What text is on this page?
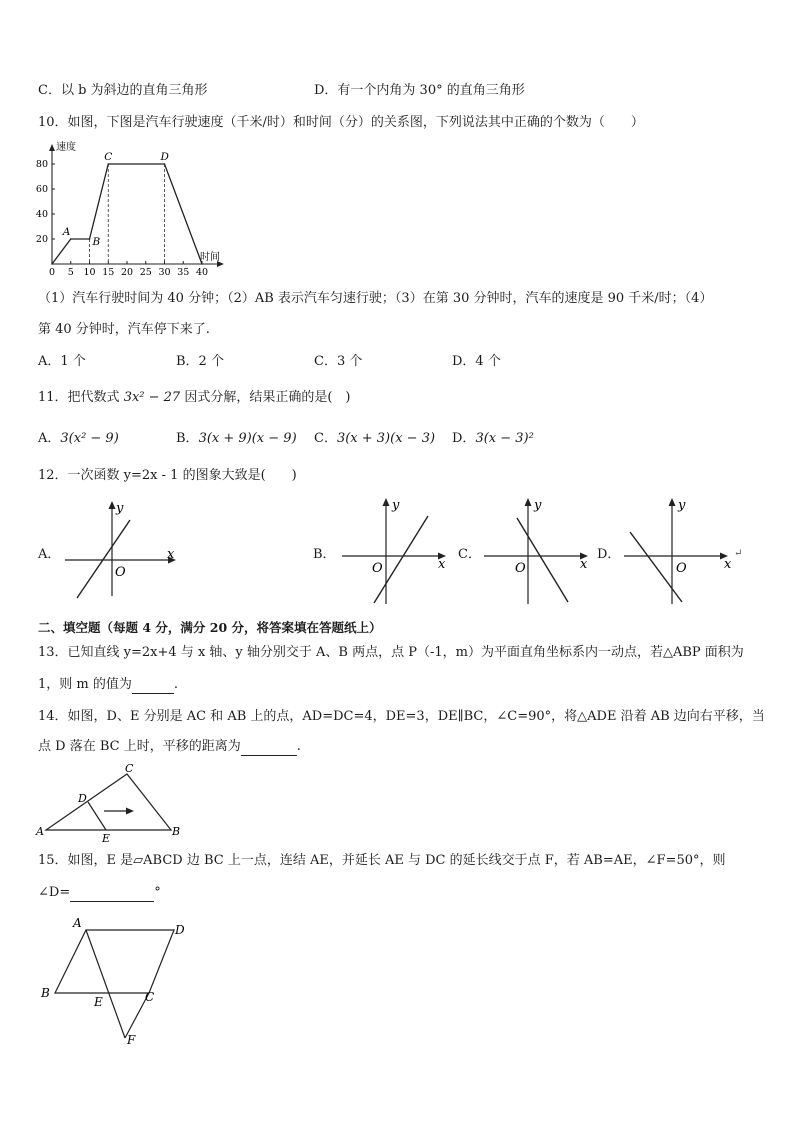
C．以 b 为斜边的直角三角形	D．有一个内角为 30° 的直角三角形
10．如图，下图是汽车行驶速度（千米/时）和时间（分）的关系图，下列说法其中正确的个数为（　　）
速度
时间
0 5 10 15 20 25 30 35 40
20
40
60
80
A
B
C	D
（1）汽车行驶时间为 40 分钟；（2）AB 表示汽车匀速行驶；（3）在第 30 分钟时，汽车的速度是 90 千米/时；（4）
第 40 分钟时，汽车停下来了.
A．1 个	B．2 个	C．3 个	D．4 个
11．把代数式 3x² − 27 因式分解，结果正确的是(　)
A．3(x² − 9)	B．3(x + 9)(x − 9) C．3(x + 3)(x − 3) D．3(x − 3)²
12．一次函数 y=2x - 1 的图象大致是(　　)
A．
y
x
O
B．
y
x
O
C．
y
x
O
D．
y
x
O
↵
二、填空题（每题 4 分，满分 20 分，将答案填在答题纸上）
13．已知直线 y=2x+4 与 x 轴、y 轴分别交于 A、B 两点，点 P（-1，m）为平面直角坐标系内一动点，若△ABP 面积为
1，则 m 的值为	.
14．如图，D、E 分别是 AC 和 AB 上的点，AD=DC=4，DE=3，DE∥BC，∠C=90°，将△ADE 沿着 AB 边向右平移，当
点 D 落在 BC 上时，平移的距离为	.
A	B
C
D
E
15．如图，E 是▱ABCD 边 BC 上一点，连结 AE，并延长 AE 与 DC 的延长线交于点 F，若 AB=AE，∠F=50°，则
∠D=	°
A	D
B	C
E
F
